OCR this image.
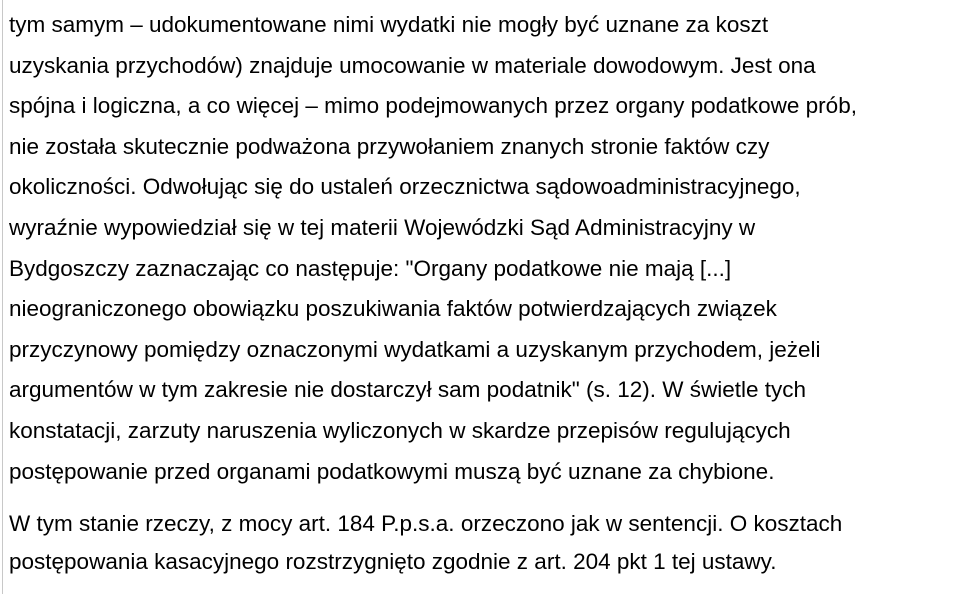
tym samym – udokumentowane nimi wydatki nie mogły być uznane za koszt
uzyskania przychodów) znajduje umocowanie w materiale dowodowym. Jest ona
spójna i logiczna, a co więcej – mimo podejmowanych przez organy podatkowe prób,
nie została skutecznie podważona przywołaniem znanych stronie faktów czy
okoliczności. Odwołując się do ustaleń orzecznictwa sądowoadministracyjnego,
wyraźnie wypowiedział się w tej materii Wojewódzki Sąd Administracyjny w
Bydgoszczy zaznaczając co następuje: "Organy podatkowe nie mają [...]
nieograniczonego obowiązku poszukiwania faktów potwierdzających związek
przyczynowy pomiędzy oznaczonymi wydatkami a uzyskanym przychodem, jeżeli
argumentów w tym zakresie nie dostarczył sam podatnik" (s. 12). W świetle tych
konstatacji, zarzuty naruszenia wyliczonych w skardze przepisów regulujących
postępowanie przed organami podatkowymi muszą być uznane za chybione.
W tym stanie rzeczy, z mocy art. 184 P.p.s.a. orzeczono jak w sentencji. O kosztach
postępowania kasacyjnego rozstrzygnięto zgodnie z art. 204 pkt 1 tej ustawy.
